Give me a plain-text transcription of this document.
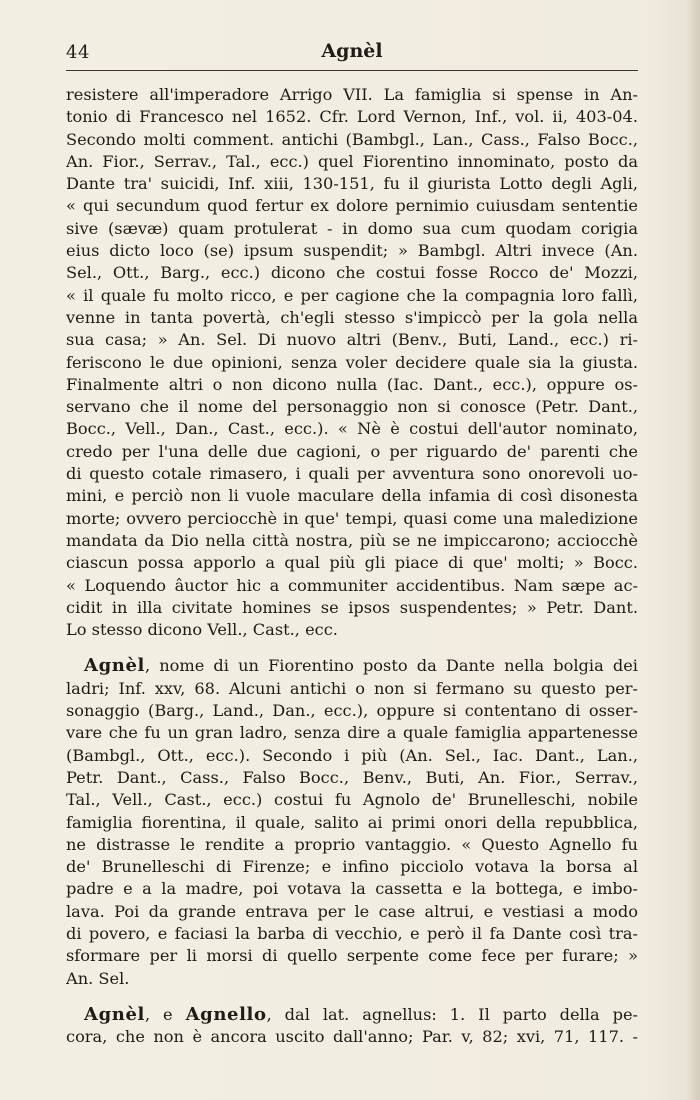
44	Agnèl
resistere all'imperadore Arrigo VII. La famiglia si spense in An-
tonio di Francesco nel 1652. Cfr. Lord Vernon, Inf., vol. ii, 403-04.
Secondo molti comment. antichi (Bambgl., Lan., Cass., Falso Bocc.,
An. Fior., Serrav., Tal., ecc.) quel Fiorentino innominato, posto da
Dante tra' suicidi, Inf. xiii, 130-151, fu il giurista Lotto degli Agli,
« qui secundum quod fertur ex dolore pernimio cuiusdam sententie
sive (sævæ) quam protulerat - in domo sua cum quodam corigia
eius dicto loco (se) ipsum suspendit; » Bambgl. Altri invece (An.
Sel., Ott., Barg., ecc.) dicono che costui fosse Rocco de' Mozzi,
« il quale fu molto ricco, e per cagione che la compagnia loro fallì,
venne in tanta povertà, ch'egli stesso s'impiccò per la gola nella
sua casa; » An. Sel. Di nuovo altri (Benv., Buti, Land., ecc.) ri-
feriscono le due opinioni, senza voler decidere quale sia la giusta.
Finalmente altri o non dicono nulla (Iac. Dant., ecc.), oppure os-
servano che il nome del personaggio non si conosce (Petr. Dant.,
Bocc., Vell., Dan., Cast., ecc.). « Nè è costui dell'autor nominato,
credo per l'una delle due cagioni, o per riguardo de' parenti che
di questo cotale rimasero, i quali per avventura sono onorevoli uo-
mini, e perciò non li vuole maculare della infamia di così disonesta
morte; ovvero perciocchè in que' tempi, quasi come una maledizione
mandata da Dio nella città nostra, più se ne impiccarono; acciocchè
ciascun possa apporlo a qual più gli piace di que' molti; » Bocc.
« Loquendo âuctor hic a communiter accidentibus. Nam sæpe ac-
cidit in illa civitate homines se ipsos suspendentes; » Petr. Dant.
Lo stesso dicono Vell., Cast., ecc.
Agnèl, nome di un Fiorentino posto da Dante nella bolgia dei
ladri; Inf. xxv, 68. Alcuni antichi o non si fermano su questo per-
sonaggio (Barg., Land., Dan., ecc.), oppure si contentano di osser-
vare che fu un gran ladro, senza dire a quale famiglia appartenesse
(Bambgl., Ott., ecc.). Secondo i più (An. Sel., Iac. Dant., Lan.,
Petr. Dant., Cass., Falso Bocc., Benv., Buti, An. Fior., Serrav.,
Tal., Vell., Cast., ecc.) costui fu Agnolo de' Brunelleschi, nobile
famiglia fiorentina, il quale, salito ai primi onori della repubblica,
ne distrasse le rendite a proprio vantaggio. « Questo Agnello fu
de' Brunelleschi di Firenze; e infino picciolo votava la borsa al
padre e a la madre, poi votava la cassetta e la bottega, e imbo-
lava. Poi da grande entrava per le case altrui, e vestiasi a modo
di povero, e faciasi la barba di vecchio, e però il fa Dante così tra-
sformare per li morsi di quello serpente come fece per furare; »
An. Sel.
Agnèl, e Agnello, dal lat. agnellus: 1. Il parto della pe-
cora, che non è ancora uscito dall'anno; Par. v, 82; xvi, 71, 117. -
